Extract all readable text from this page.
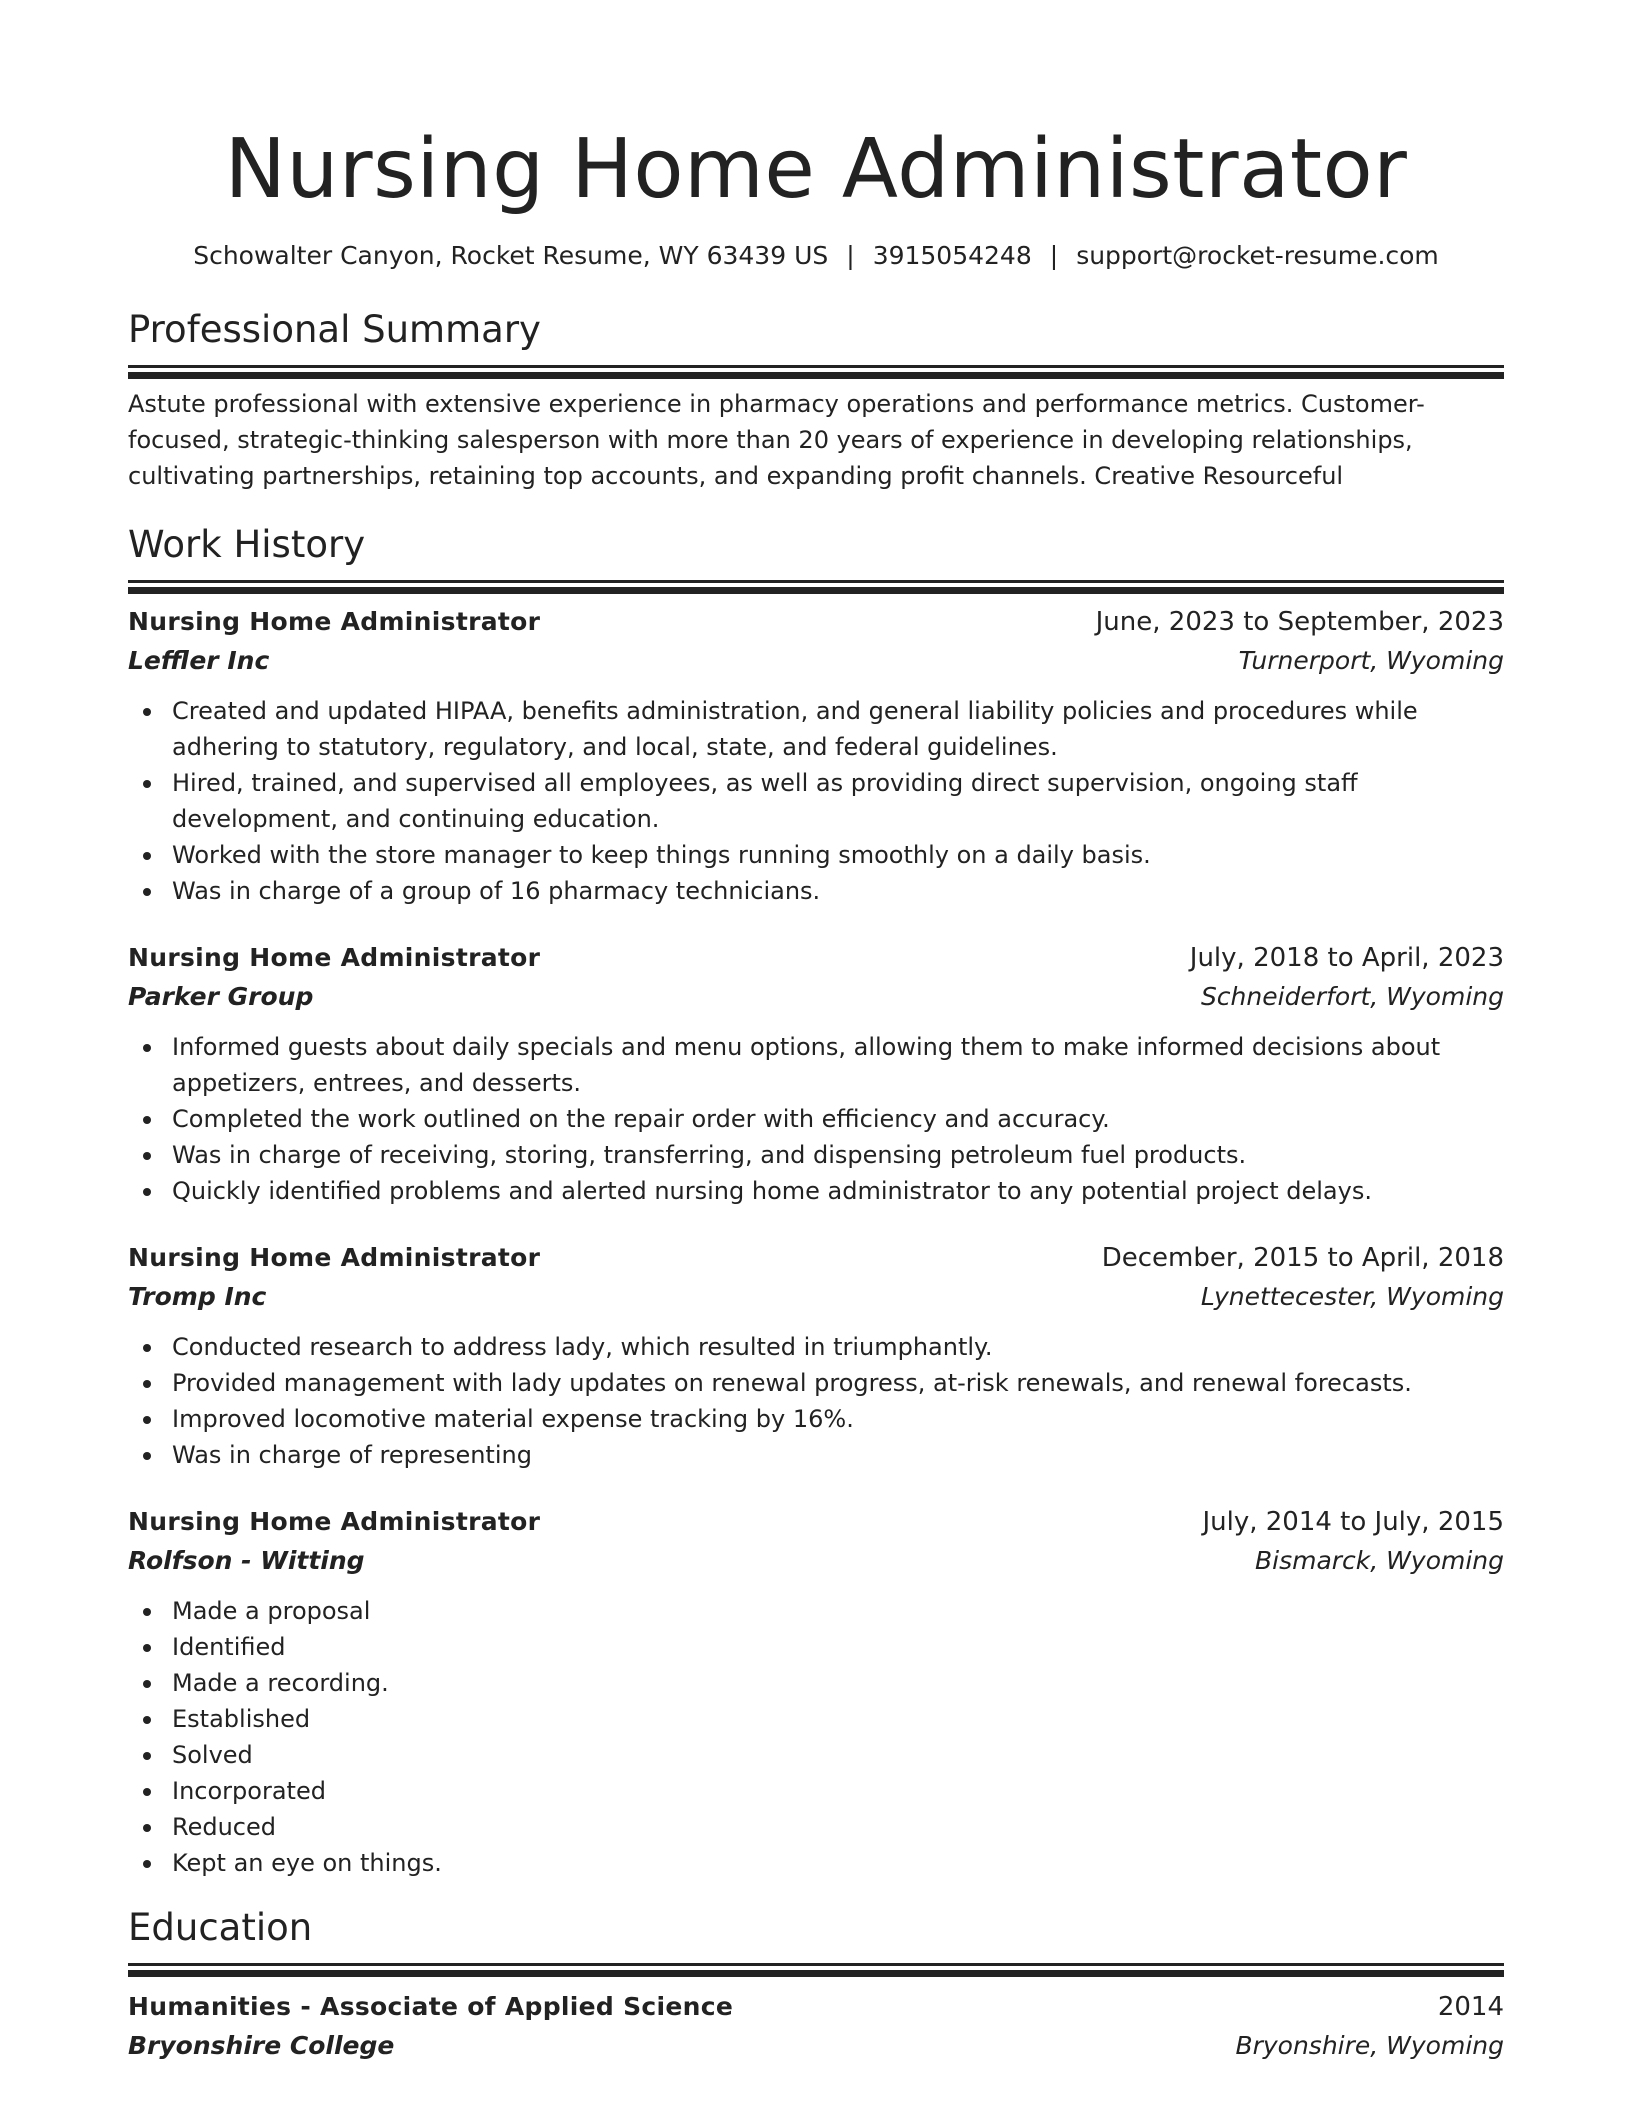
Nursing Home Administrator
Schowalter Canyon, Rocket Resume, WY 63439 US | 3915054248 | support@rocket-resume.com
Professional Summary
Astute professional with extensive experience in pharmacy operations and performance metrics. Customer-focused, strategic-thinking salesperson with more than 20 years of experience in developing relationships, cultivating partnerships, retaining top accounts, and expanding profit channels. Creative Resourceful
Work History
Nursing Home Administrator	June, 2023 to September, 2023
Leffler Inc	Turnerport, Wyoming
Created and updated HIPAA, benefits administration, and general liability policies and procedures while adhering to statutory, regulatory, and local, state, and federal guidelines.
Hired, trained, and supervised all employees, as well as providing direct supervision, ongoing staff development, and continuing education.
Worked with the store manager to keep things running smoothly on a daily basis.
Was in charge of a group of 16 pharmacy technicians.
Nursing Home Administrator	July, 2018 to April, 2023
Parker Group	Schneiderfort, Wyoming
Informed guests about daily specials and menu options, allowing them to make informed decisions about appetizers, entrees, and desserts.
Completed the work outlined on the repair order with efficiency and accuracy.
Was in charge of receiving, storing, transferring, and dispensing petroleum fuel products.
Quickly identified problems and alerted nursing home administrator to any potential project delays.
Nursing Home Administrator	December, 2015 to April, 2018
Tromp Inc	Lynettecester, Wyoming
Conducted research to address lady, which resulted in triumphantly.
Provided management with lady updates on renewal progress, at-risk renewals, and renewal forecasts.
Improved locomotive material expense tracking by 16%.
Was in charge of representing
Nursing Home Administrator	July, 2014 to July, 2015
Rolfson - Witting	Bismarck, Wyoming
Made a proposal
Identified
Made a recording.
Established
Solved
Incorporated
Reduced
Kept an eye on things.
Education
Humanities - Associate of Applied Science	2014
Bryonshire College	Bryonshire, Wyoming
